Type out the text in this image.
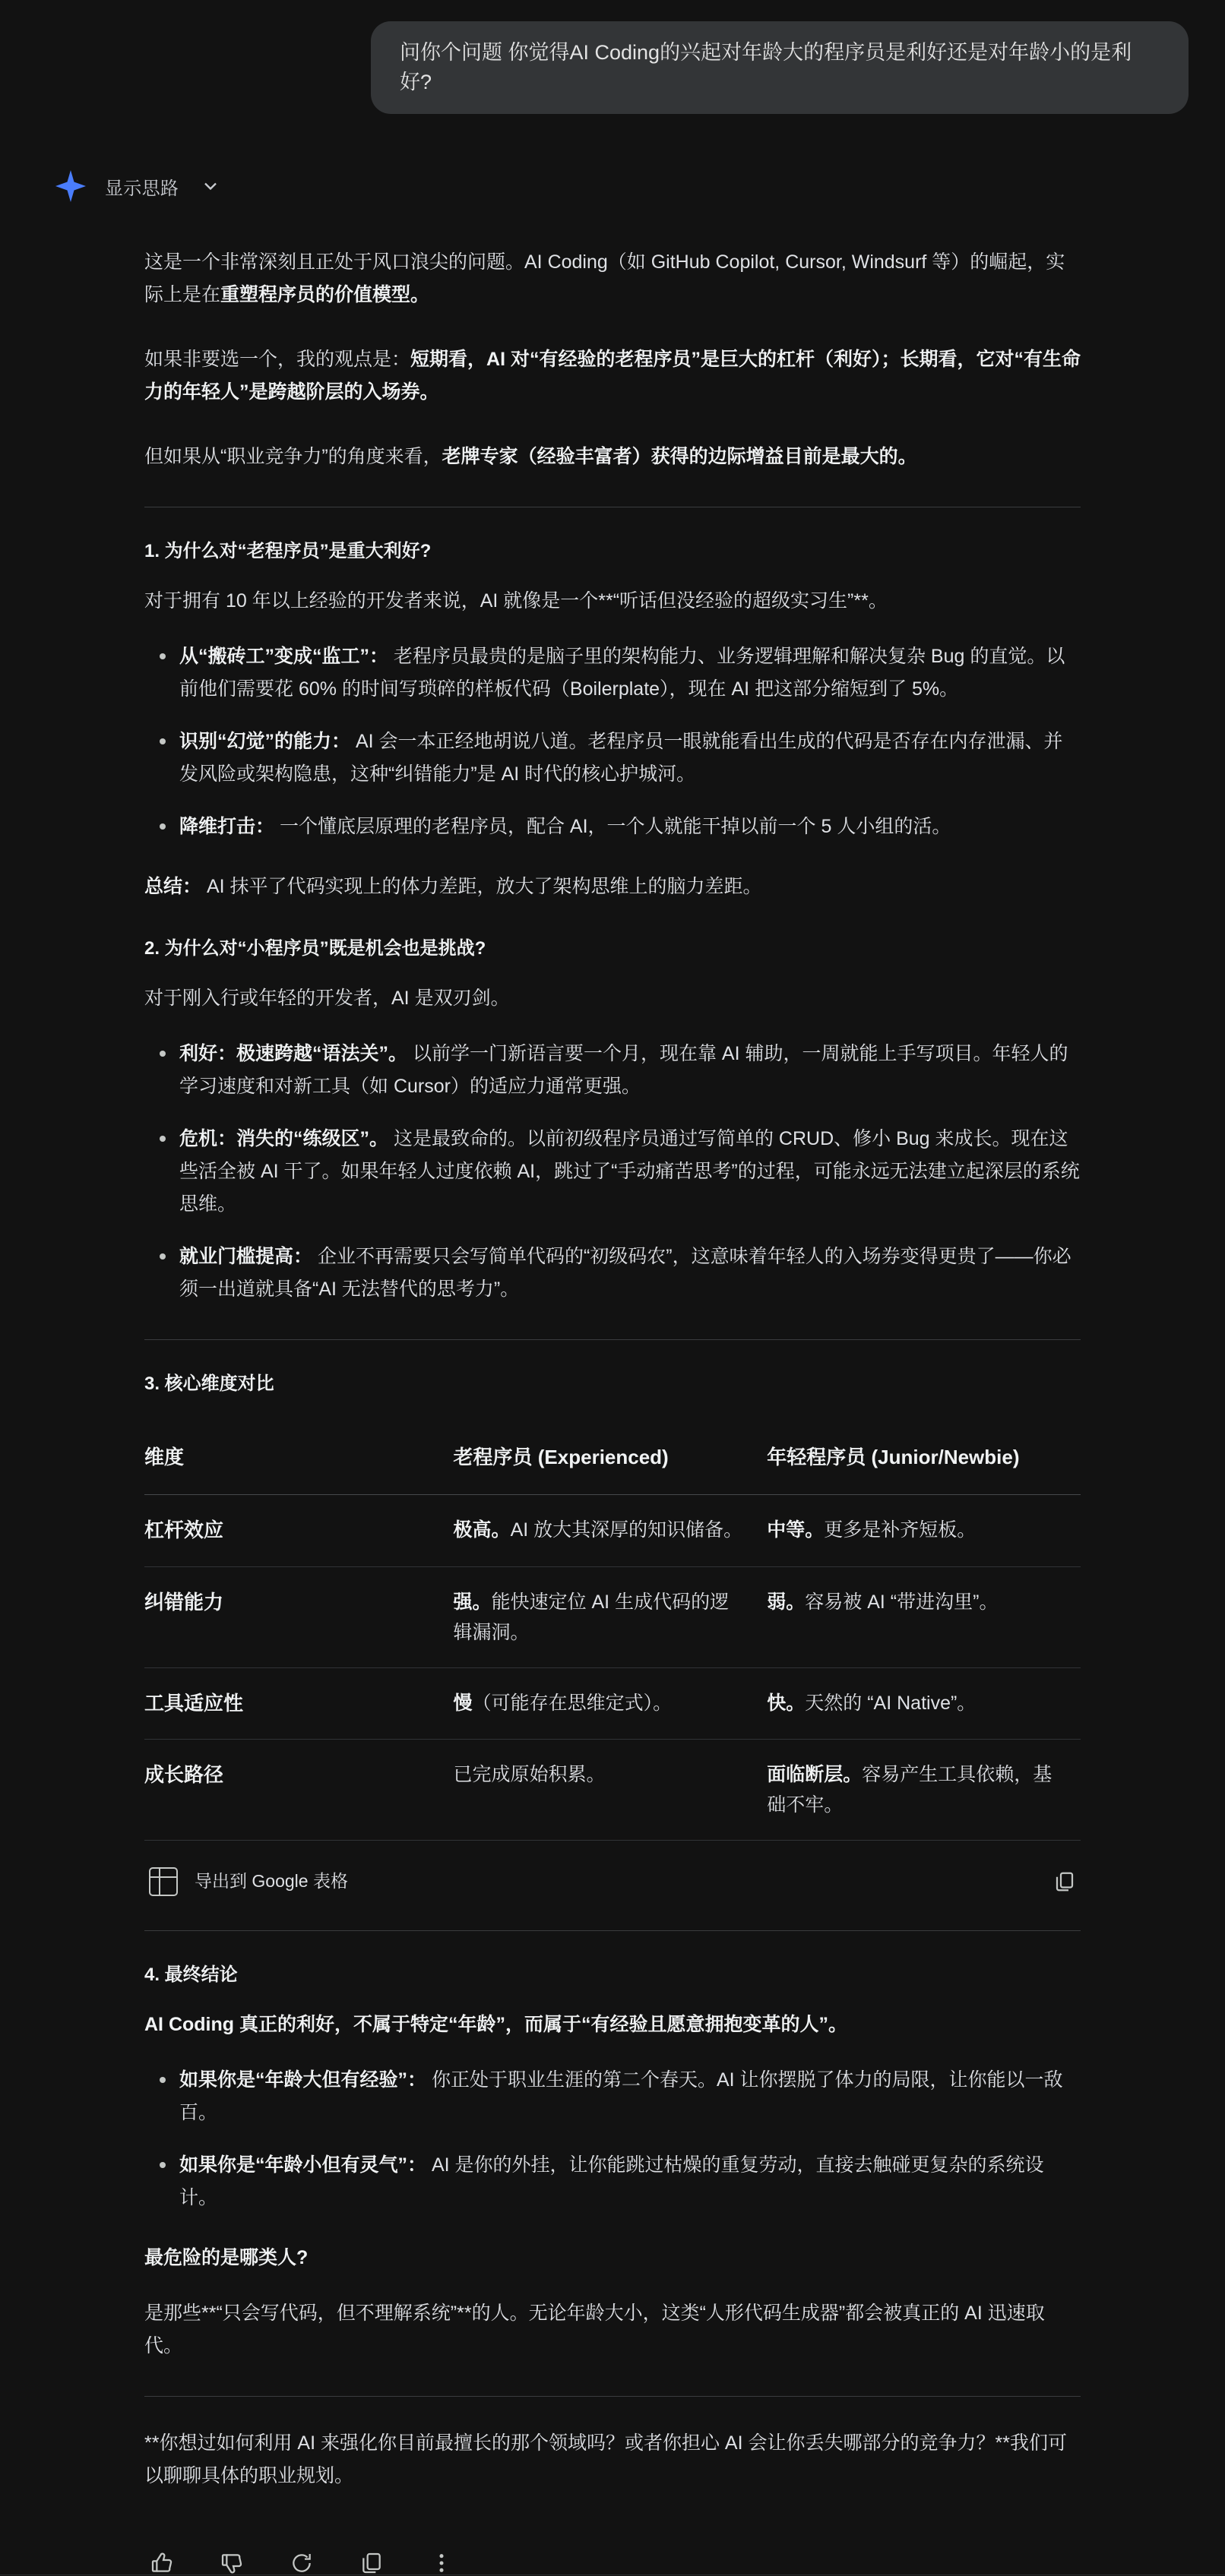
问你个问题 你觉得AI Coding的兴起对年龄大的程序员是利好还是对年龄小的是利好?
显示思路

这是一个非常深刻且正处于风口浪尖的问题。AI Coding（如 GitHub Copilot, Cursor, Windsurf 等）的崛起，实际上是在重塑程序员的价值模型。

如果非要选一个，我的观点是：短期看，AI 对“有经验的老程序员”是巨大的杠杆（利好）；长期看，它对“有生命力的年轻人”是跨越阶层的入场券。

但如果从“职业竞争力”的角度来看，老牌专家（经验丰富者）获得的边际增益目前是最大的。

1. 为什么对“老程序员”是重大利好?

对于拥有 10 年以上经验的开发者来说，AI 就像是一个**“听话但没经验的超级实习生”**。

从“搬砖工”变成“监工”： 老程序员最贵的是脑子里的架构能力、业务逻辑理解和解决复杂 Bug 的直觉。以前他们需要花 60% 的时间写琐碎的样板代码（Boilerplate），现在 AI 把这部分缩短到了 5%。
识别“幻觉”的能力： AI 会一本正经地胡说八道。老程序员一眼就能看出生成的代码是否存在内存泄漏、并发风险或架构隐患，这种“纠错能力”是 AI 时代的核心护城河。
降维打击： 一个懂底层原理的老程序员，配合 AI，一个人就能干掉以前一个 5 人小组的活。

总结： AI 抹平了代码实现上的体力差距，放大了架构思维上的脑力差距。

2. 为什么对“小程序员”既是机会也是挑战?

对于刚入行或年轻的开发者，AI 是双刃剑。

利好：极速跨越“语法关”。 以前学一门新语言要一个月，现在靠 AI 辅助，一周就能上手写项目。年轻人的学习速度和对新工具（如 Cursor）的适应力通常更强。
危机：消失的“练级区”。 这是最致命的。以前初级程序员通过写简单的 CRUD、修小 Bug 来成长。现在这些活全被 AI 干了。如果年轻人过度依赖 AI，跳过了“手动痛苦思考”的过程，可能永远无法建立起深层的系统思维。
就业门槛提高： 企业不再需要只会写简单代码的“初级码农”，这意味着年轻人的入场券变得更贵了——你必须一出道就具备“AI 无法替代的思考力”。
3. 核心维度对比
维度	老程序员 (Experienced)	年轻程序员 (Junior/Newbie)
杠杆效应	极高。AI 放大其深厚的知识储备。	中等。更多是补齐短板。
纠错能力	强。能快速定位 AI 生成代码的逻辑漏洞。	弱。容易被 AI “带进沟里”。
工具适应性	慢（可能存在思维定式）。	快。天然的 “AI Native”。
成长路径	已完成原始积累。	面临断层。容易产生工具依赖，基础不牢。
导出到 Google 表格
4. 最终结论

AI Coding 真正的利好，不属于特定“年龄”，而属于“有经验且愿意拥抱变革的人”。

如果你是“年龄大但有经验”： 你正处于职业生涯的第二个春天。AI 让你摆脱了体力的局限，让你能以一敌百。
如果你是“年龄小但有灵气”： AI 是你的外挂，让你能跳过枯燥的重复劳动，直接去触碰更复杂的系统设计。

最危险的是哪类人?

是那些**“只会写代码，但不理解系统”**的人。无论年龄大小，这类“人形代码生成器”都会被真正的 AI 迅速取代。

**你想过如何利用 AI 来强化你目前最擅长的那个领域吗？或者你担心 AI 会让你丢失哪部分的竞争力？**我们可以聊聊具体的职业规划。
